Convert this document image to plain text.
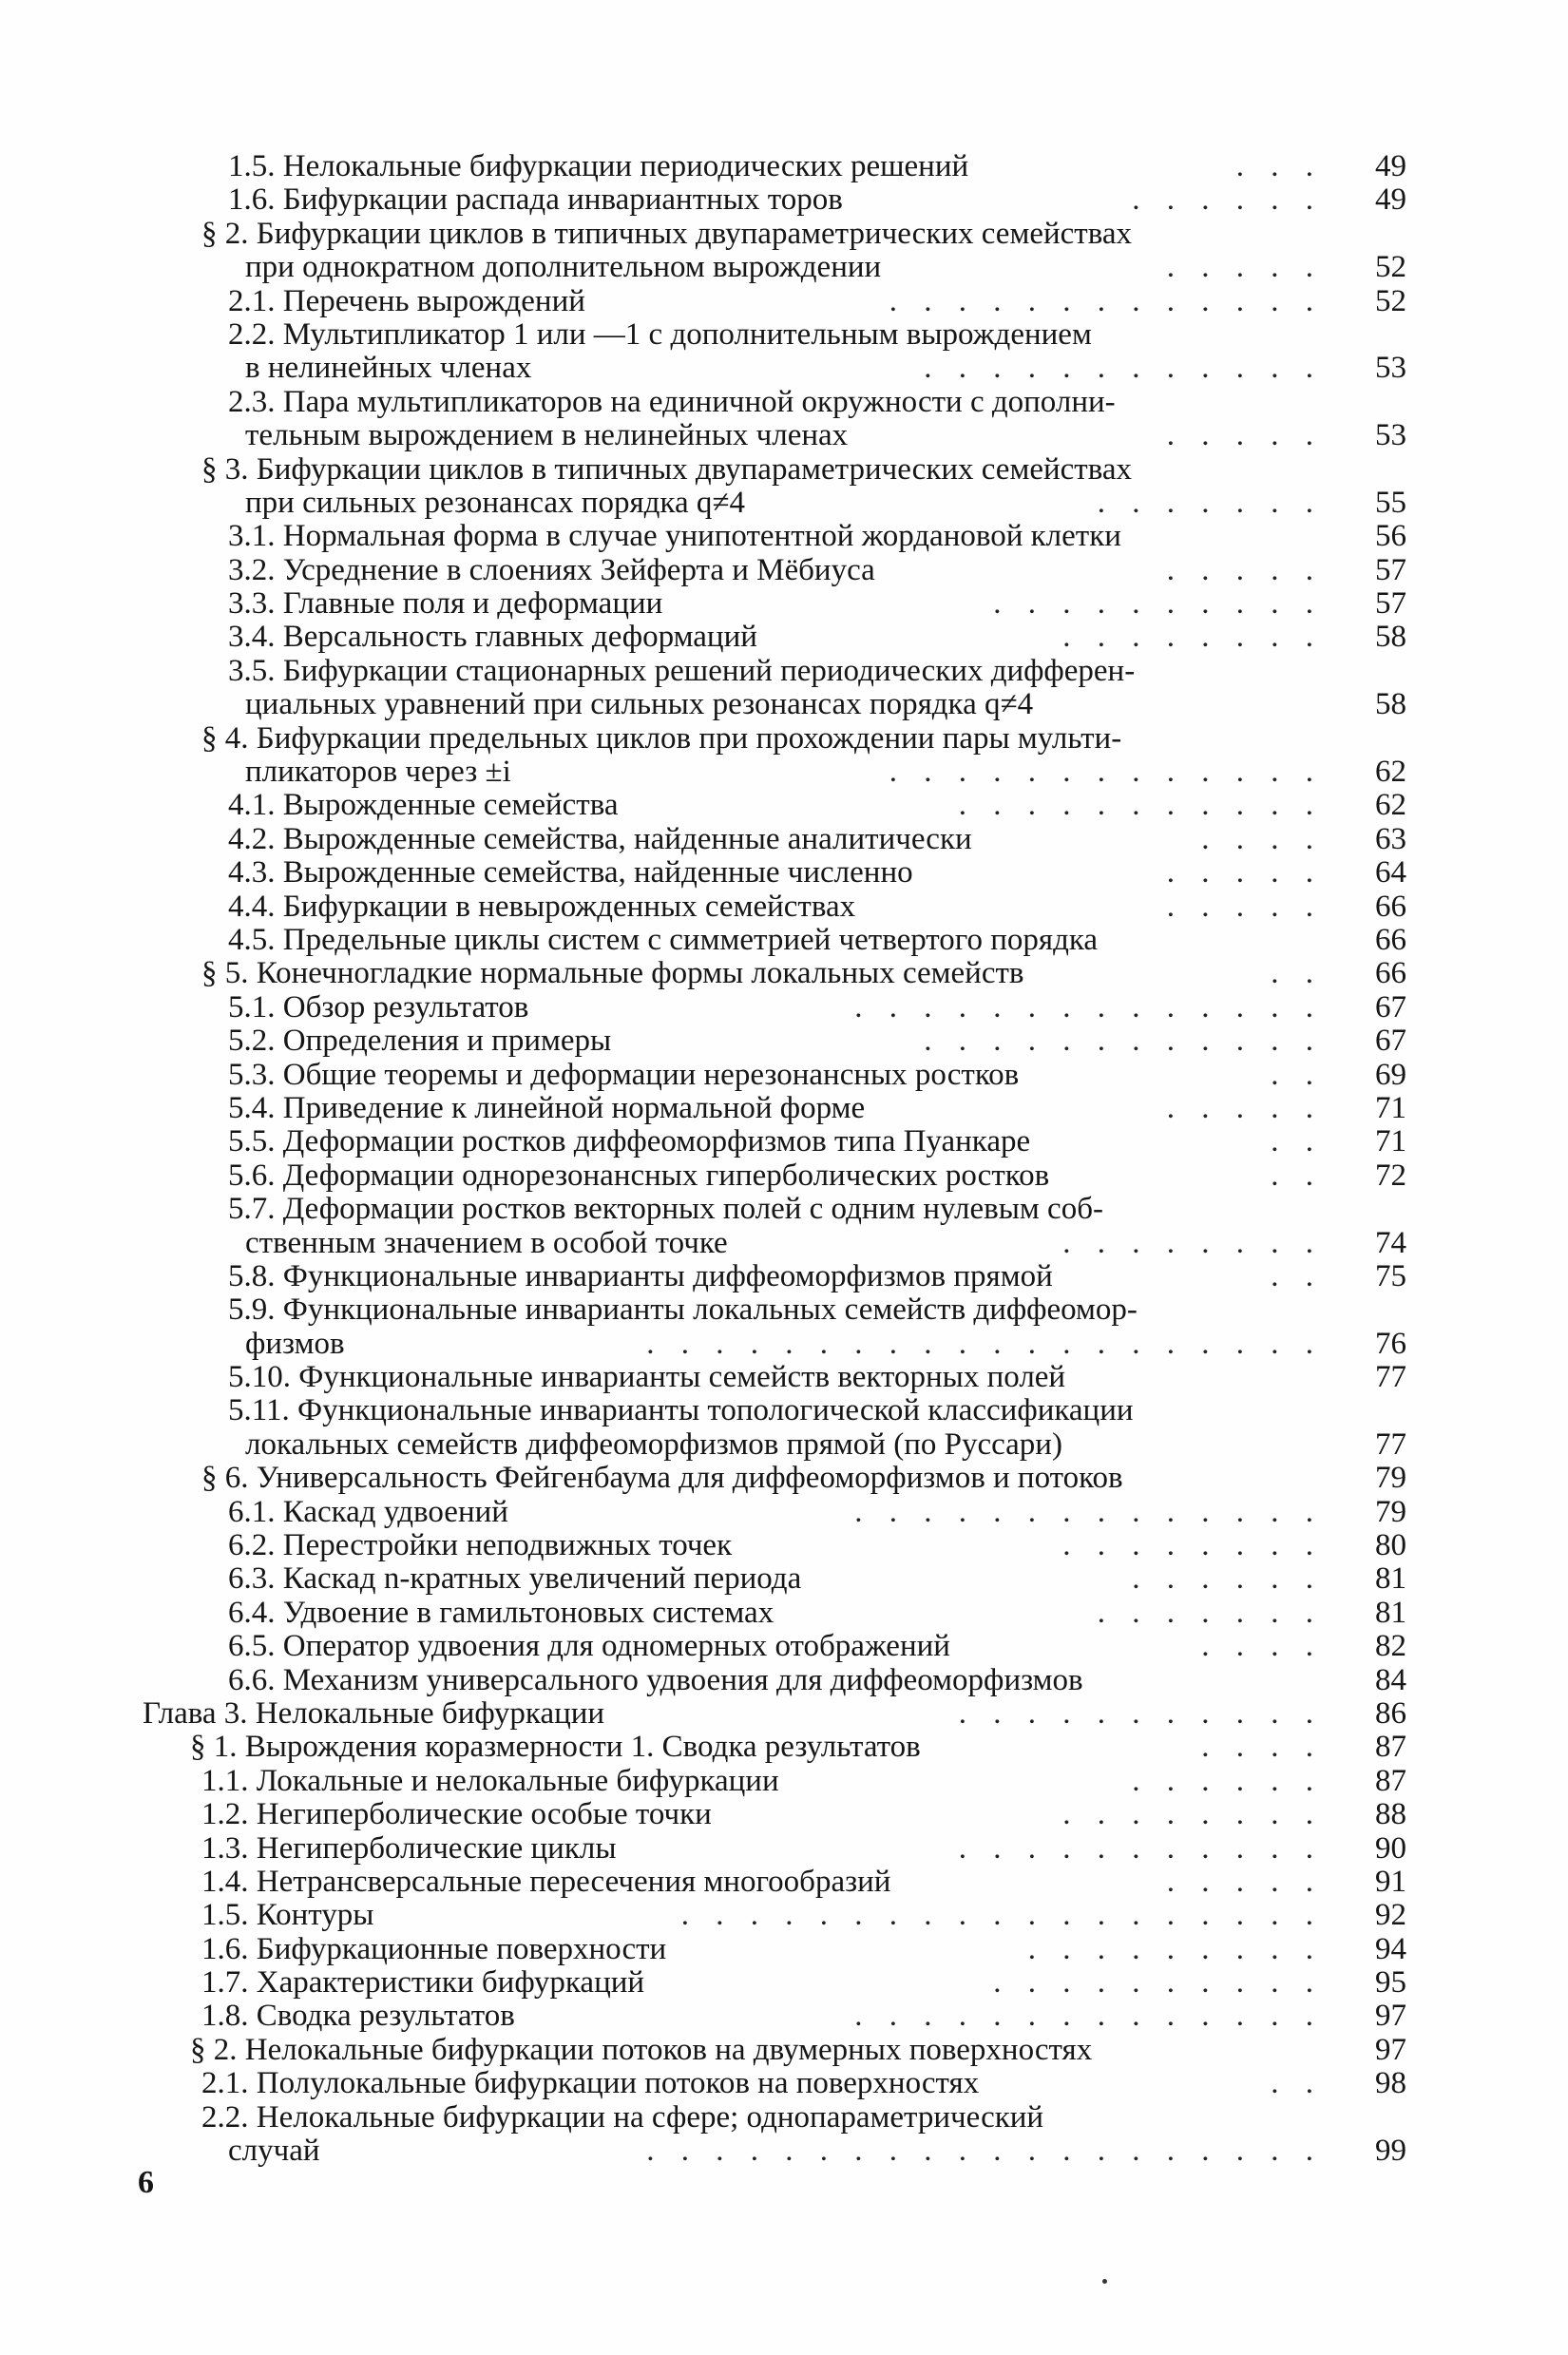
1.5. Нелокальные бифуркации периодических решений	. . .	49
1.6. Бифуркации распада инвариантных торов	. . . . . .	49
§ 2. Бифуркации циклов в типичных двупараметрических семействах
при однократном дополнительном вырождении	. . . . .	52
2.1. Перечень вырождений	. . . . . . . . . . . . .	52
2.2. Мультипликатор 1 или —1 с дополнительным вырождением
в нелинейных членах	. . . . . . . . . . . .	53
2.3. Пара мультипликаторов на единичной окружности с дополни-
тельным вырождением в нелинейных членах	. . . . .	53
§ 3. Бифуркации циклов в типичных двупараметрических семействах
при сильных резонансах порядка q≠4	. . . . . . .	55
3.1. Нормальная форма в случае унипотентной жордановой клетки	56
3.2. Усреднение в слоениях Зейферта и Мёбиуса	. . . . .	57
3.3. Главные поля и деформации	. . . . . . . . . .	57
3.4. Версальность главных деформаций	. . . . . . . .	58
3.5. Бифуркации стационарных решений периодических дифферен-
циальных уравнений при сильных резонансах порядка q≠4	58
§ 4. Бифуркации предельных циклов при прохождении пары мульти-
пликаторов через ±i	. . . . . . . . . . . . .	62
4.1. Вырожденные семейства	. . . . . . . . . . .	62
4.2. Вырожденные семейства, найденные аналитически	. . . .	63
4.3. Вырожденные семейства, найденные численно	. . . . .	64
4.4. Бифуркации в невырожденных семействах	. . . . .	66
4.5. Предельные циклы систем с симметрией четвертого порядка	66
§ 5. Конечногладкие нормальные формы локальных семейств	. .	66
5.1. Обзор результатов	. . . . . . . . . . . . . .	67
5.2. Определения и примеры	. . . . . . . . . . . .	67
5.3. Общие теоремы и деформации нерезонансных ростков	. .	69
5.4. Приведение к линейной нормальной форме	. . . . .	71
5.5. Деформации ростков диффеоморфизмов типа Пуанкаре	. .	71
5.6. Деформации однорезонансных гиперболических ростков	. .	72
5.7. Деформации ростков векторных полей с одним нулевым соб-
ственным значением в особой точке	. . . . . . . .	74
5.8. Функциональные инварианты диффеоморфизмов прямой	. .	75
5.9. Функциональные инварианты локальных семейств диффеомор-
физмов	. . . . . . . . . . . . . . . . . . . .	76
5.10. Функциональные инварианты семейств векторных полей	77
5.11. Функциональные инварианты топологической классификации
локальных семейств диффеоморфизмов прямой (по Руссари)	77
§ 6. Универсальность Фейгенбаума для диффеоморфизмов и потоков	79
6.1. Каскад удвоений	. . . . . . . . . . . . . .	79
6.2. Перестройки неподвижных точек	. . . . . . . .	80
6.3. Каскад n-кратных увеличений периода	. . . . . .	81
6.4. Удвоение в гамильтоновых системах	. . . . . . .	81
6.5. Оператор удвоения для одномерных отображений	. . . .	82
6.6. Механизм универсального удвоения для диффеоморфизмов	84
Глава 3. Нелокальные бифуркации	. . . . . . . . . . .	86
§ 1. Вырождения коразмерности 1. Сводка результатов	. . . .	87
1.1. Локальные и нелокальные бифуркации	. . . . . .	87
1.2. Негиперболические особые точки	. . . . . . . .	88
1.3. Негиперболические циклы	. . . . . . . . . . .	90
1.4. Нетрансверсальные пересечения многообразий	. . . . .	91
1.5. Контуры	. . . . . . . . . . . . . . . . . . .	92
1.6. Бифуркационные поверхности	. . . . . . . . .	94
1.7. Характеристики бифуркаций	. . . . . . . . . .	95
1.8. Сводка результатов	. . . . . . . . . . . . . .	97
§ 2. Нелокальные бифуркации потоков на двумерных поверхностях	97
2.1. Полулокальные бифуркации потоков на поверхностях	. .	98
2.2. Нелокальные бифуркации на сфере; однопараметрический
случай	. . . . . . . . . . . . . . . . . . . .	99
6
